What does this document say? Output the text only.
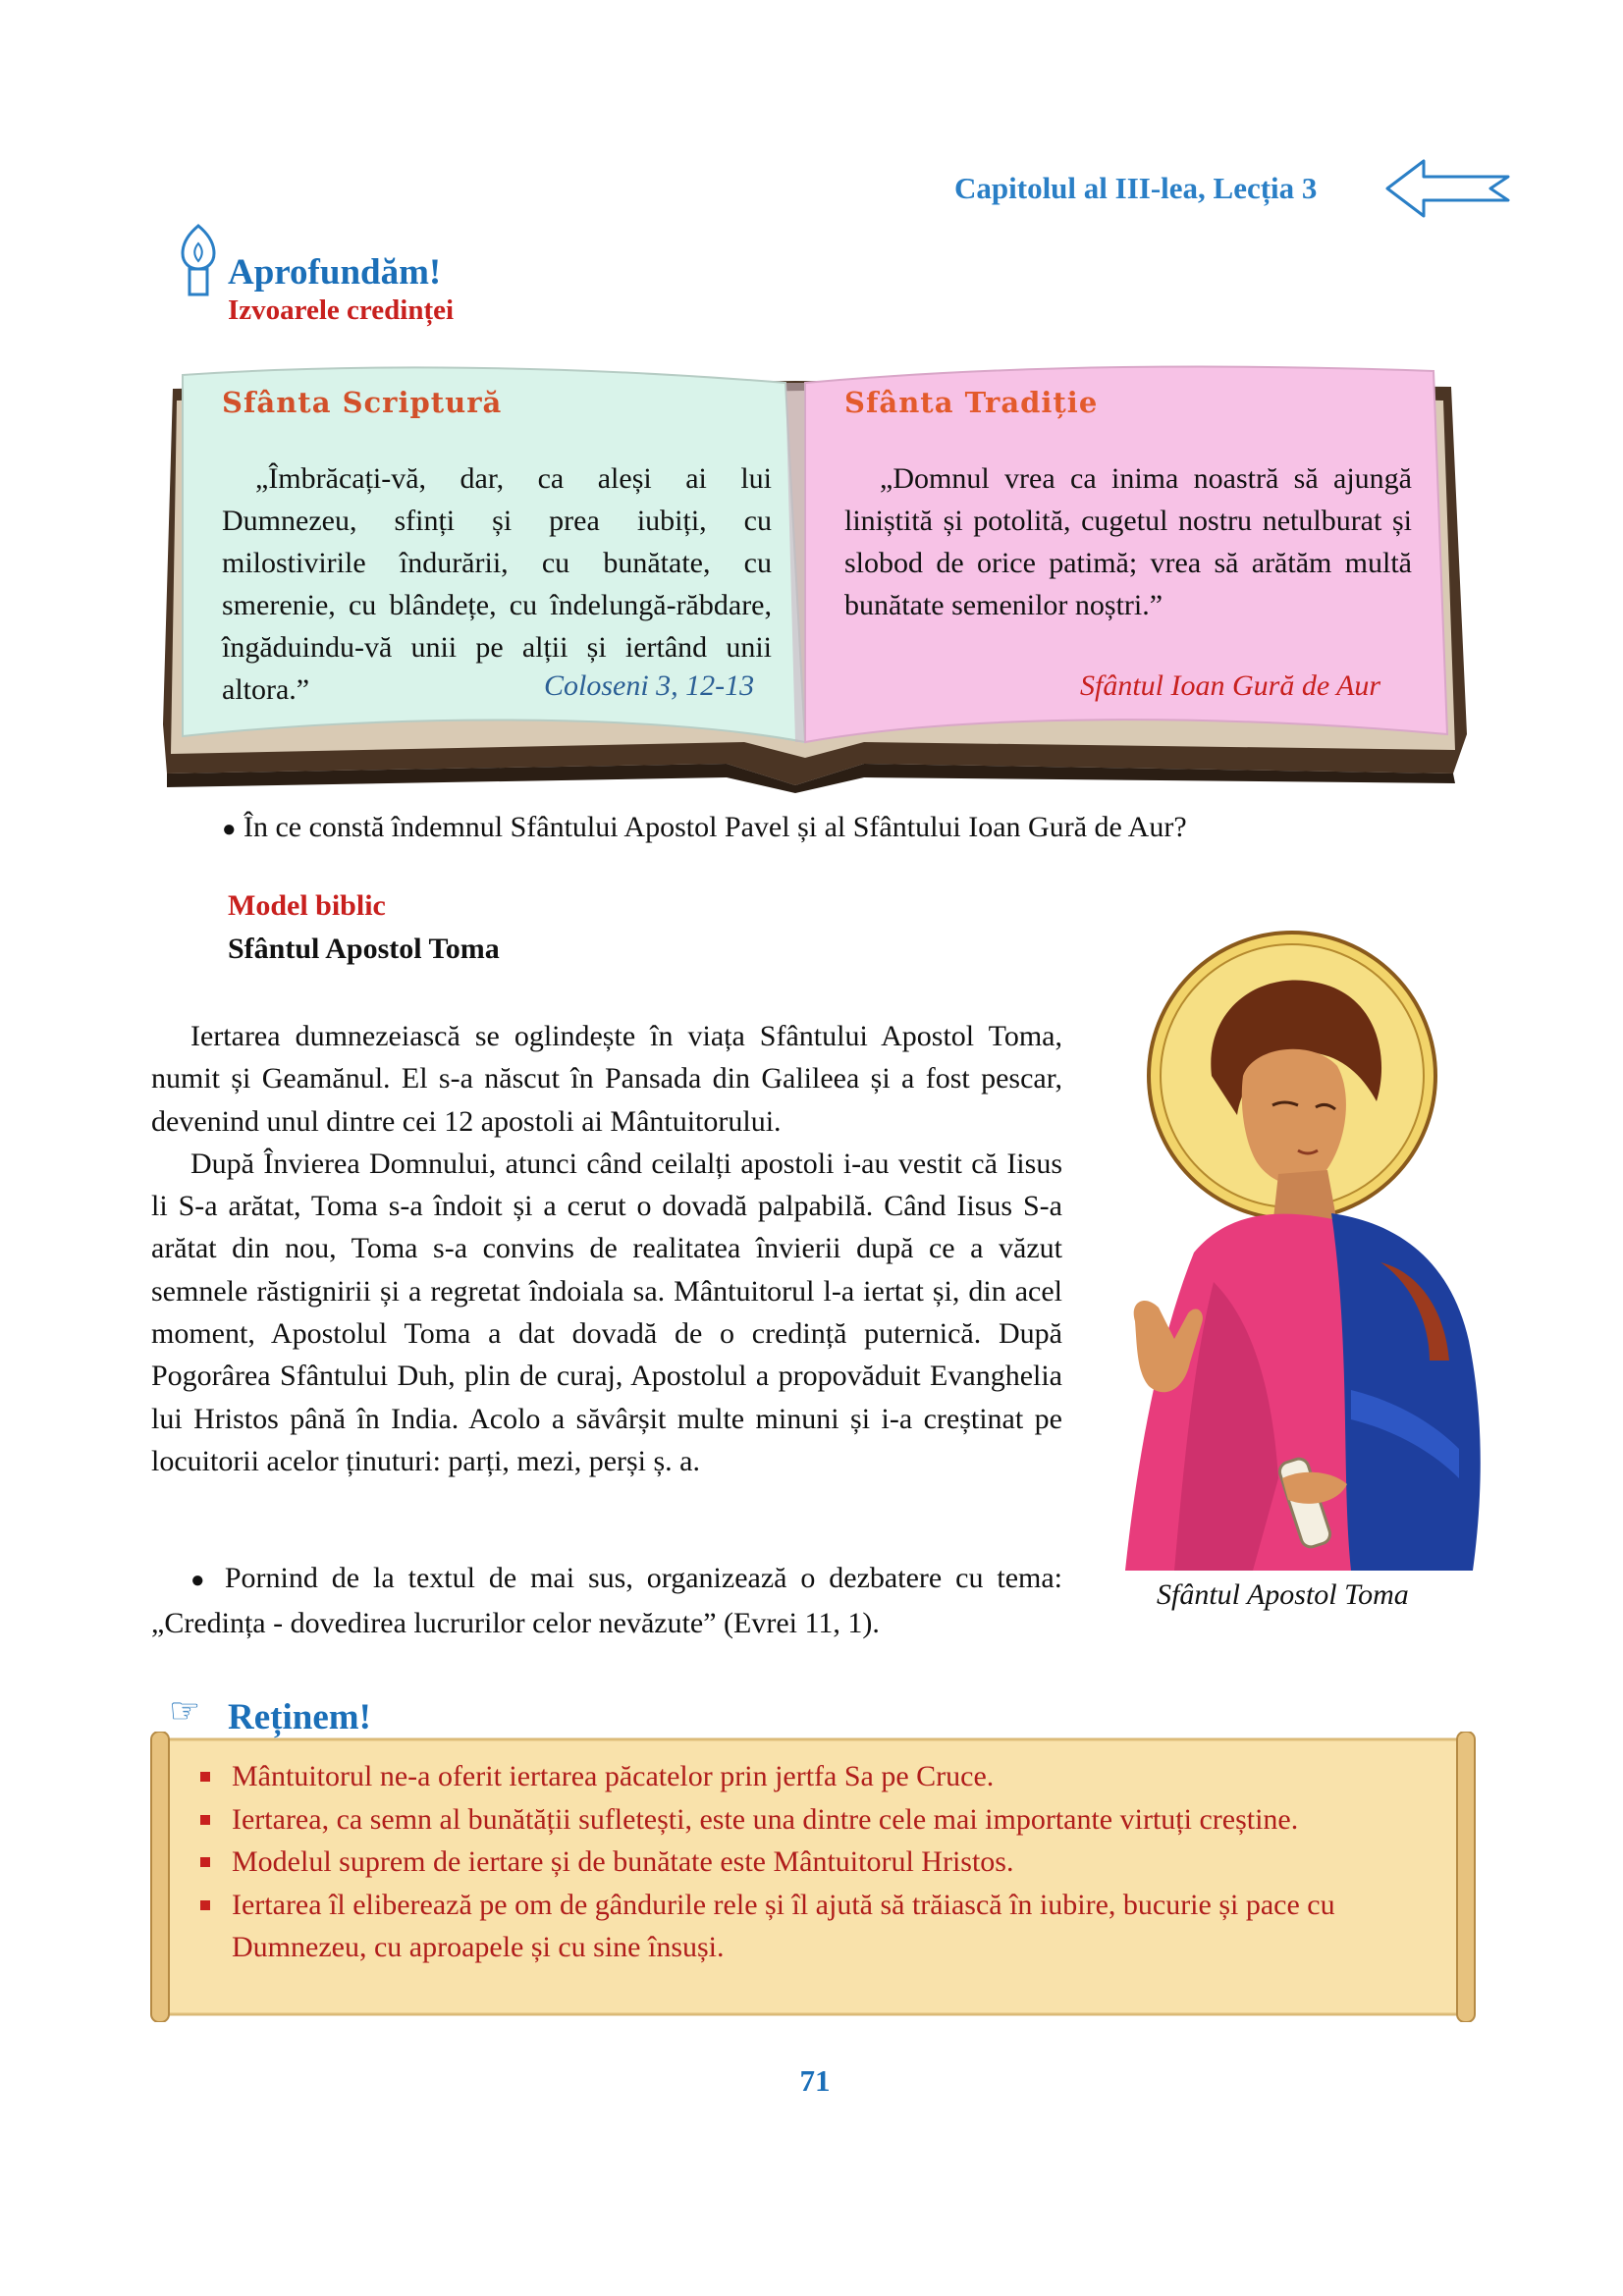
Capitolul al III-lea, Lecția 3
Aprofundăm!
Izvoarele credinței
Sfânta Scriptură	Sfânta Tradiție
„Îmbrăcați-vă, dar, ca aleși ai lui Dumnezeu, sfinți și prea iubiți, cu milostivirile îndurării, cu bunătate, cu smerenie, cu blândețe, cu îndelungă-răbdare, îngăduindu-vă unii pe alții și iertând unii altora.”	Coloseni 3, 12-13
„Domnul vrea ca inima noastră să ajungă liniștită și potolită, cugetul nostru netulburat și slobod de orice patimă; vrea să arătăm multă bunătate semenilor noștri.”
Sfântul Ioan Gură de Aur
● În ce constă îndemnul Sfântului Apostol Pavel și al Sfântului Ioan Gură de Aur?
Model biblic
Sfântul Apostol Toma

Iertarea dumnezeiască se oglindește în viața Sfântului Apostol Toma, numit și Geamănul. El s-a născut în Pansada din Galileea și a fost pescar, devenind unul dintre cei 12 apostoli ai Mântuitorului.

După Învierea Domnului, atunci când ceilalți apostoli i-au vestit că Iisus li S-a arătat, Toma s-a îndoit și a cerut o dovadă palpabilă. Când Iisus S-a arătat din nou, Toma s-a convins de realitatea învierii după ce a văzut semnele răstignirii și a regretat îndoiala sa. Mântuitorul l-a iertat și, din acel moment, Apostolul Toma a dat dovadă de o credință puternică. După Pogorârea Sfântului Duh, plin de curaj, Apostolul a propovăduit Evanghelia lui Hristos până în India. Acolo a săvârșit multe minuni și i-a creștinat pe locuitorii acelor ținuturi: parți, mezi, perși ș. a.

● Pornind de la textul de mai sus, organizează o dezbatere cu tema: „Credința - dovedirea lucrurilor celor nevăzute” (Evrei 11, 1).
Sfântul Apostol Toma
☞ Reținem!
Mântuitorul ne-a oferit iertarea păcatelor prin jertfa Sa pe Cruce.
Iertarea, ca semn al bunătății sufletești, este una dintre cele mai importante virtuți creștine.
Modelul suprem de iertare și de bunătate este Mântuitorul Hristos.
Iertarea îl eliberează pe om de gândurile rele și îl ajută să trăiască în iubire, bucurie și pace cu Dumnezeu, cu aproapele și cu sine însuși.
71
